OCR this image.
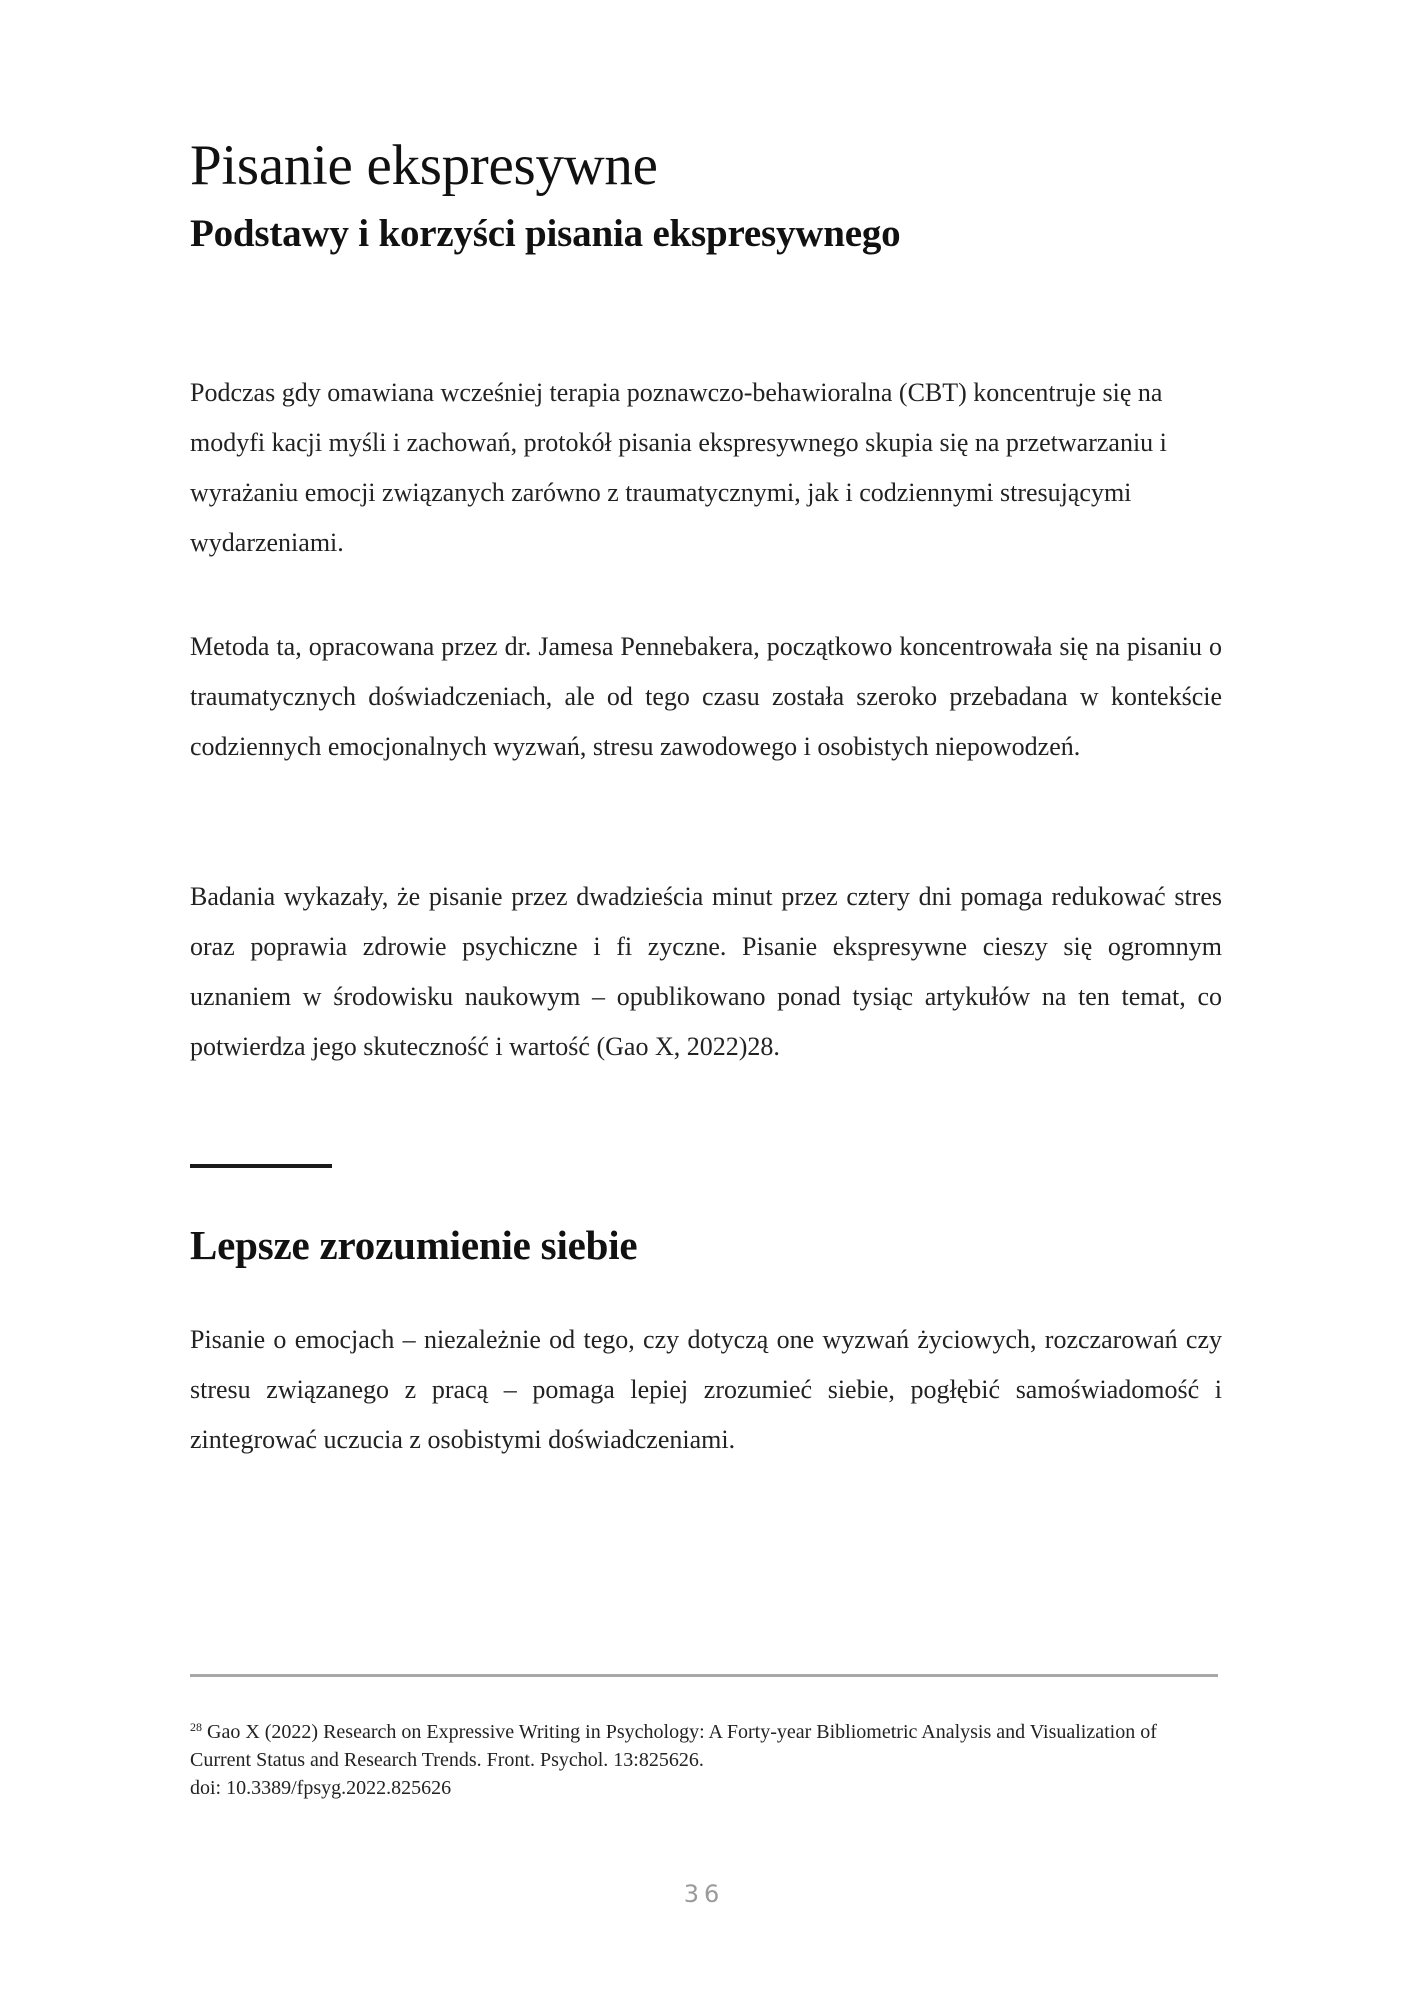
Pisanie ekspresywne
Podstawy i korzyści pisania ekspresywnego

Podczas gdy omawiana wcześniej terapia poznawczo-behawioralna (CBT) koncentruje się na modyfi kacji myśli i zachowań, protokół pisania ekspresywnego skupia się na przetwarzaniu i wyrażaniu emocji związanych zarówno z traumatycznymi, jak i codziennymi stresującymi wydarzeniami.

Metoda ta, opracowana przez dr. Jamesa Pennebakera, początkowo koncentrowała się na pisaniu o traumatycznych doświadczeniach, ale od tego czasu została szeroko przebadana w kontekście codziennych emocjonalnych wyzwań, stresu zawodowego i osobistych niepowodzeń.

Badania wykazały, że pisanie przez dwadzieścia minut przez cztery dni pomaga redukować stres oraz poprawia zdrowie psychiczne i fi zyczne. Pisanie ekspresywne cieszy się ogromnym uznaniem w środowisku naukowym – opublikowano ponad tysiąc artykułów na ten temat, co potwierdza jego skuteczność i wartość (Gao X, 2022)28.

Lepsze zrozumienie siebie

Pisanie o emocjach – niezależnie od tego, czy dotyczą one wyzwań życiowych, rozczarowań czy stresu związanego z pracą – pomaga lepiej zrozumieć siebie, pogłębić samoświadomość i zintegrować uczucia z osobistymi doświadczeniami.

$^{28}$ Gao X (2022) Research on Expressive Writing in Psychology: A Forty-year Bibliometric Analysis and Visualization of Current Status and Research Trends. Front. Psychol. 13:825626.
doi: 10.3389/fpsyg.2022.825626

36
